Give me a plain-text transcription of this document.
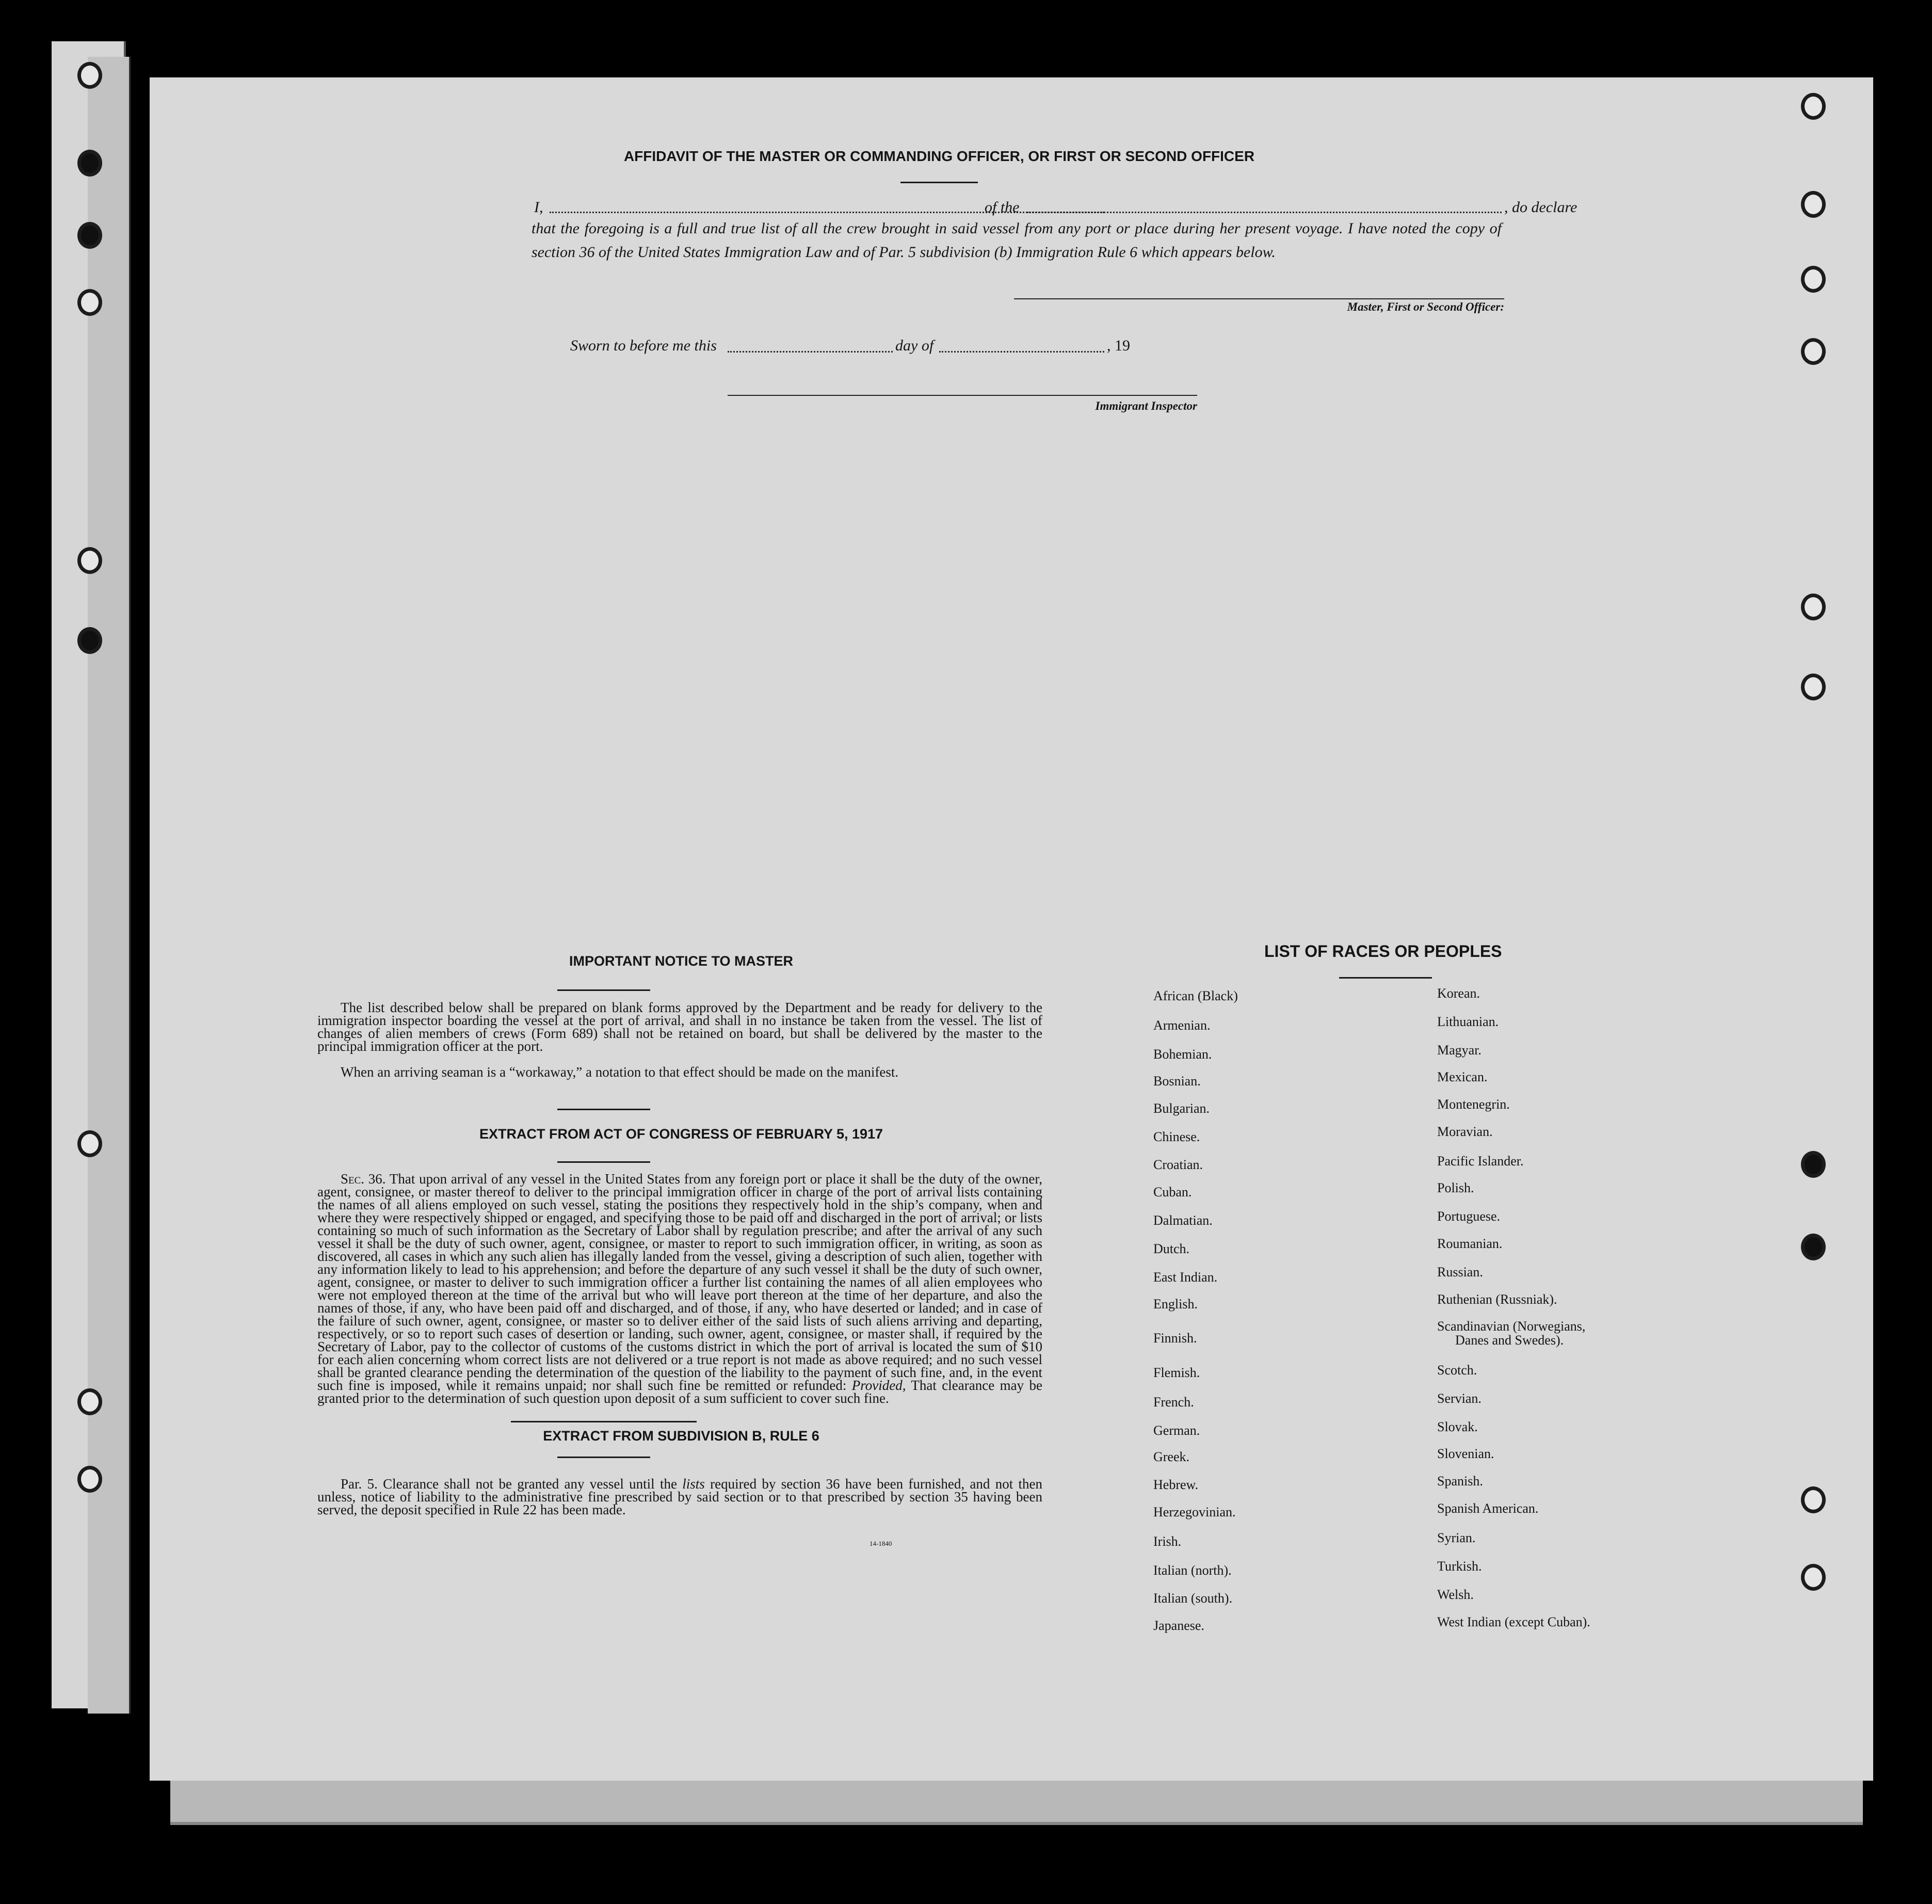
AFFIDAVIT OF THE MASTER OR COMMANDING OFFICER, OR FIRST OR SECOND OFFICER
I,	of the	, do declare
that the foregoing is a full and true list of all the crew brought in said vessel from any port or place during her present voyage. I have noted the copy of section 36 of the United States Immigration Law and of Par. 5 subdivision (b) Immigration Rule 6 which appears below.
Master, First or Second Officer:
Sworn to before me this	day of	, 19
Immigrant Inspector
IMPORTANT NOTICE TO MASTER
The list described below shall be prepared on blank forms approved by the Department and be ready for delivery to the immigration inspector boarding the vessel at the port of arrival, and shall in no instance be taken from the vessel. The list of changes of alien members of crews (Form 689) shall not be retained on board, but shall be delivered by the master to the principal immigration officer at the port.
When an arriving seaman is a “workaway,” a notation to that effect should be made on the manifest.
EXTRACT FROM ACT OF CONGRESS OF FEBRUARY 5, 1917
Sec. 36. That upon arrival of any vessel in the United States from any foreign port or place it shall be the duty of the owner, agent, consignee, or master thereof to deliver to the principal immigration officer in charge of the port of arrival lists containing the names of all aliens employed on such vessel, stating the positions they respectively hold in the ship’s company, when and where they were respectively shipped or engaged, and specifying those to be paid off and discharged in the port of arrival; or lists containing so much of such information as the Secretary of Labor shall by regulation prescribe; and after the arrival of any such vessel it shall be the duty of such owner, agent, consignee, or master to report to such immigration officer, in writing, as soon as discovered, all cases in which any such alien has illegally landed from the vessel, giving a description of such alien, together with any information likely to lead to his apprehension; and before the departure of any such vessel it shall be the duty of such owner, agent, consignee, or master to deliver to such immigration officer a further list containing the names of all alien employees who were not employed thereon at the time of the arrival but who will leave port thereon at the time of her departure, and also the names of those, if any, who have been paid off and discharged, and of those, if any, who have deserted or landed; and in case of the failure of such owner, agent, consignee, or master so to deliver either of the said lists of such aliens arriving and departing, respectively, or so to report such cases of desertion or landing, such owner, agent, consignee, or master shall, if required by the Secretary of Labor, pay to the collector of customs of the customs district in which the port of arrival is located the sum of $10 for each alien concerning whom correct lists are not delivered or a true report is not made as above required; and no such vessel shall be granted clearance pending the determination of the question of the liability to the payment of such fine, and, in the event such fine is imposed, while it remains unpaid; nor shall such fine be remitted or refunded: Provided, That clearance may be granted prior to the determination of such question upon deposit of a sum sufficient to cover such fine.
EXTRACT FROM SUBDIVISION B, RULE 6
Par. 5. Clearance shall not be granted any vessel until the lists required by section 36 have been furnished, and not then unless, notice of liability to the administrative fine prescribed by said section or to that prescribed by section 35 having been served, the deposit specified in Rule 22 has been made.
14-1840
LIST OF RACES OR PEOPLES
African (Black)
Armenian.
Bohemian.
Bosnian.
Bulgarian.
Chinese.
Croatian.
Cuban.
Dalmatian.
Dutch.
East Indian.
English.
Finnish.
Flemish.
French.
German.
Greek.
Hebrew.
Herzegovinian.
Irish.
Italian (north).
Italian (south).
Japanese.
Korean.
Lithuanian.
Magyar.
Mexican.
Montenegrin.
Moravian.
Pacific Islander.
Polish.
Portuguese.
Roumanian.
Russian.
Ruthenian (Russniak).
Scandinavian (Norwegians,
Danes and Swedes).
Scotch.
Servian.
Slovak.
Slovenian.
Spanish.
Spanish American.
Syrian.
Turkish.
Welsh.
West Indian (except Cuban).
